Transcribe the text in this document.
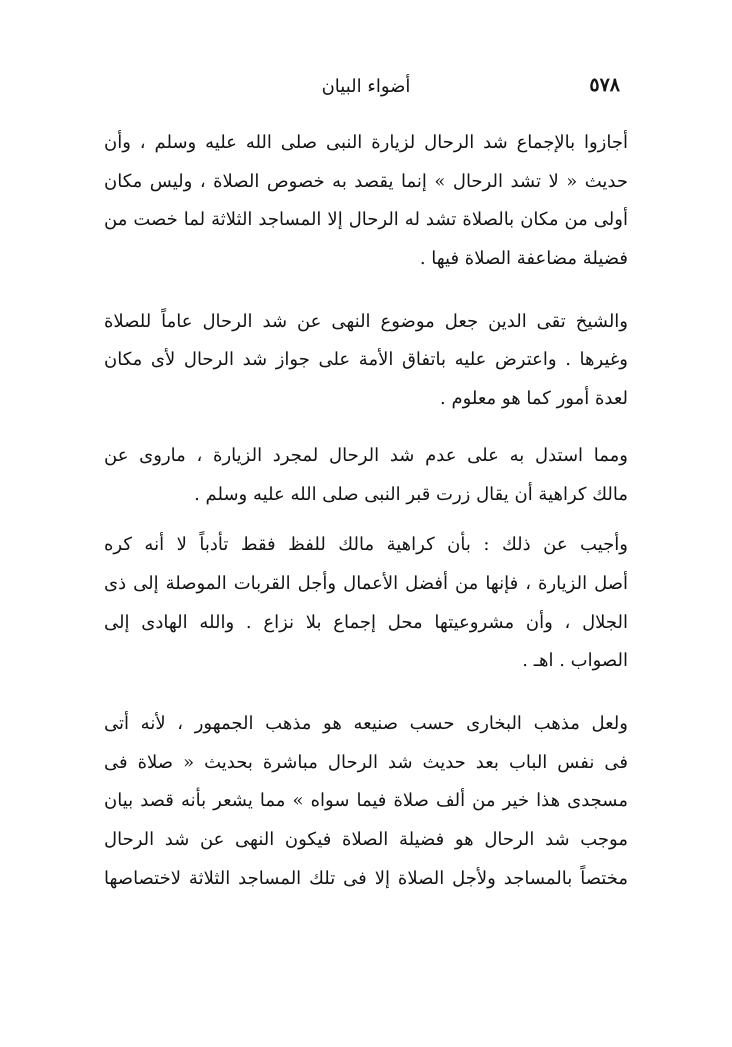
٥٧٨
أضواء البيان

أجازوا بالإجماع شد الرحال لزيارة النبى صلى الله عليه وسلم ، وأن
حديث « لا تشد الرحال » إنما يقصد به خصوص الصلاة ، وليس مكان
أولى من مكان بالصلاة تشد له الرحال إلا المساجد الثلاثة لما خصت من
فضيلة مضاعفة الصلاة فيها .

والشيخ تقى الدين جعل موضوع النهى عن شد الرحال عاماً للصلاة
وغيرها . واعترض عليه باتفاق الأمة على جواز شد الرحال لأى مكان
لعدة أمور كما هو معلوم .

ومما استدل به على عدم شد الرحال لمجرد الزيارة ، ماروى عن
مالك كراهية أن يقال زرت قبر النبى صلى الله عليه وسلم .

وأجيب عن ذلك : بأن كراهية مالك للفظ فقط تأدباً لا أنه كره
أصل الزيارة ، فإنها من أفضل الأعمال وأجل القربات الموصلة إلى ذى
الجلال ، وأن مشروعيتها محل إجماع بلا نزاع . والله الهادى إلى
الصواب . اهـ .

ولعل مذهب البخارى حسب صنيعه هو مذهب الجمهور ، لأنه أتى
فى نفس الباب بعد حديث شد الرحال مباشرة بحديث « صلاة فى
مسجدى هذا خير من ألف صلاة فيما سواه » مما يشعر بأنه قصد بيان
موجب شد الرحال هو فضيلة الصلاة فيكون النهى عن شد الرحال
مختصاً بالمساجد ولأجل الصلاة إلا فى تلك المساجد الثلاثة لاختصاصها
